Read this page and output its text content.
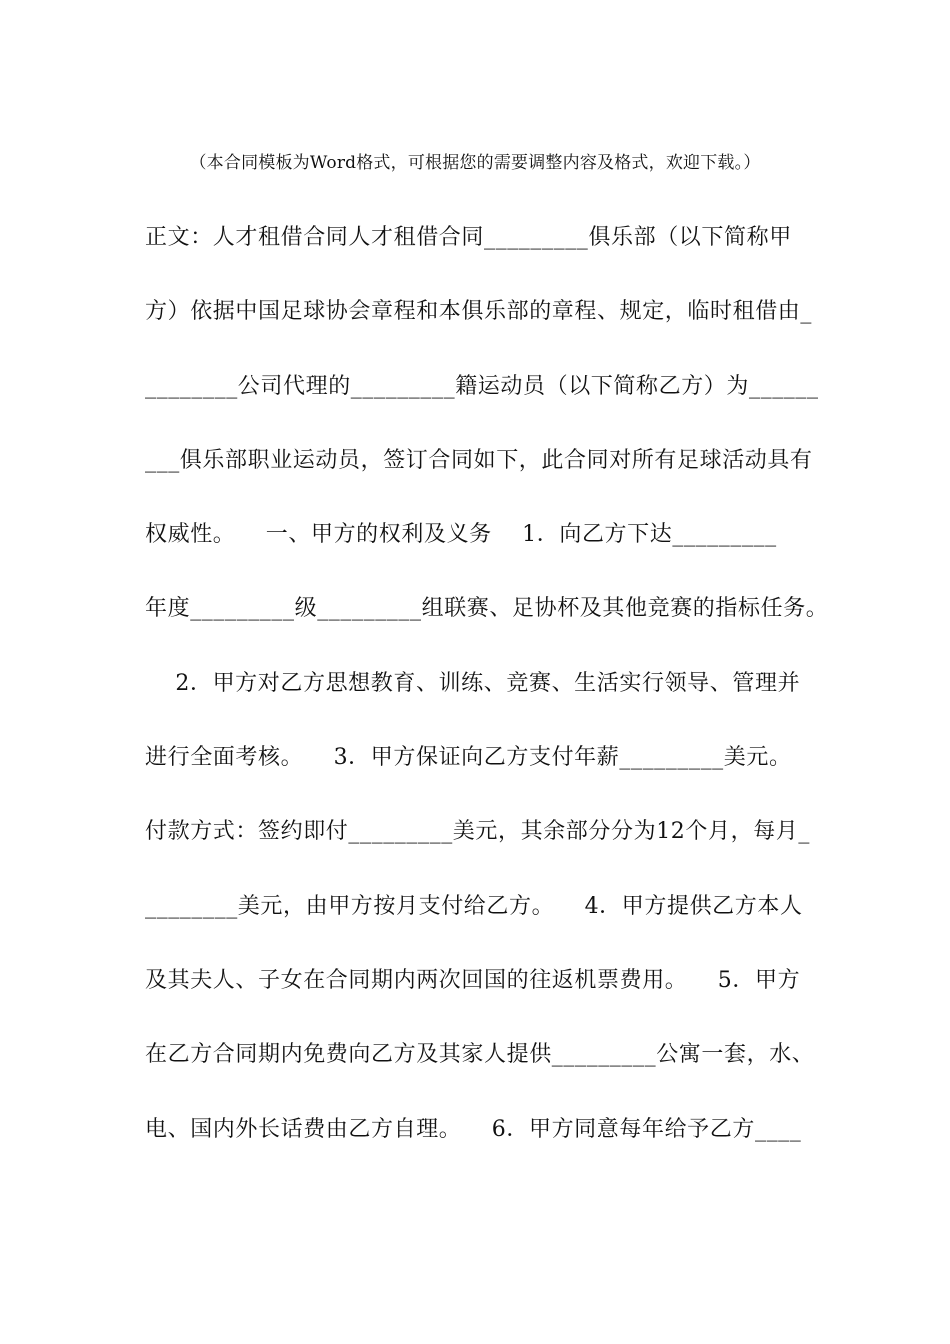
（本合同模板为Word格式，可根据您的需要调整内容及格式，欢迎下载。）
正文：人才租借合同人才租借合同_________俱乐部（以下简称甲
方）依据中国足球协会章程和本俱乐部的章程、规定，临时租借由_
________公司代理的_________籍运动员（以下简称乙方）为______
___俱乐部职业运动员，签订合同如下，此合同对所有足球活动具有
权威性。    一、甲方的权利及义务    1．向乙方下达_________
年度_________级_________组联赛、足协杯及其他竞赛的指标任务。
2．甲方对乙方思想教育、训练、竞赛、生活实行领导、管理并
进行全面考核。    3．甲方保证向乙方支付年薪_________美元。
付款方式：签约即付_________美元，其余部分分为12个月，每月_
________美元，由甲方按月支付给乙方。    4．甲方提供乙方本人
及其夫人、子女在合同期内两次回国的往返机票费用。    5．甲方
在乙方合同期内免费向乙方及其家人提供_________公寓一套，水、
电、国内外长话费由乙方自理。    6．甲方同意每年给予乙方____
